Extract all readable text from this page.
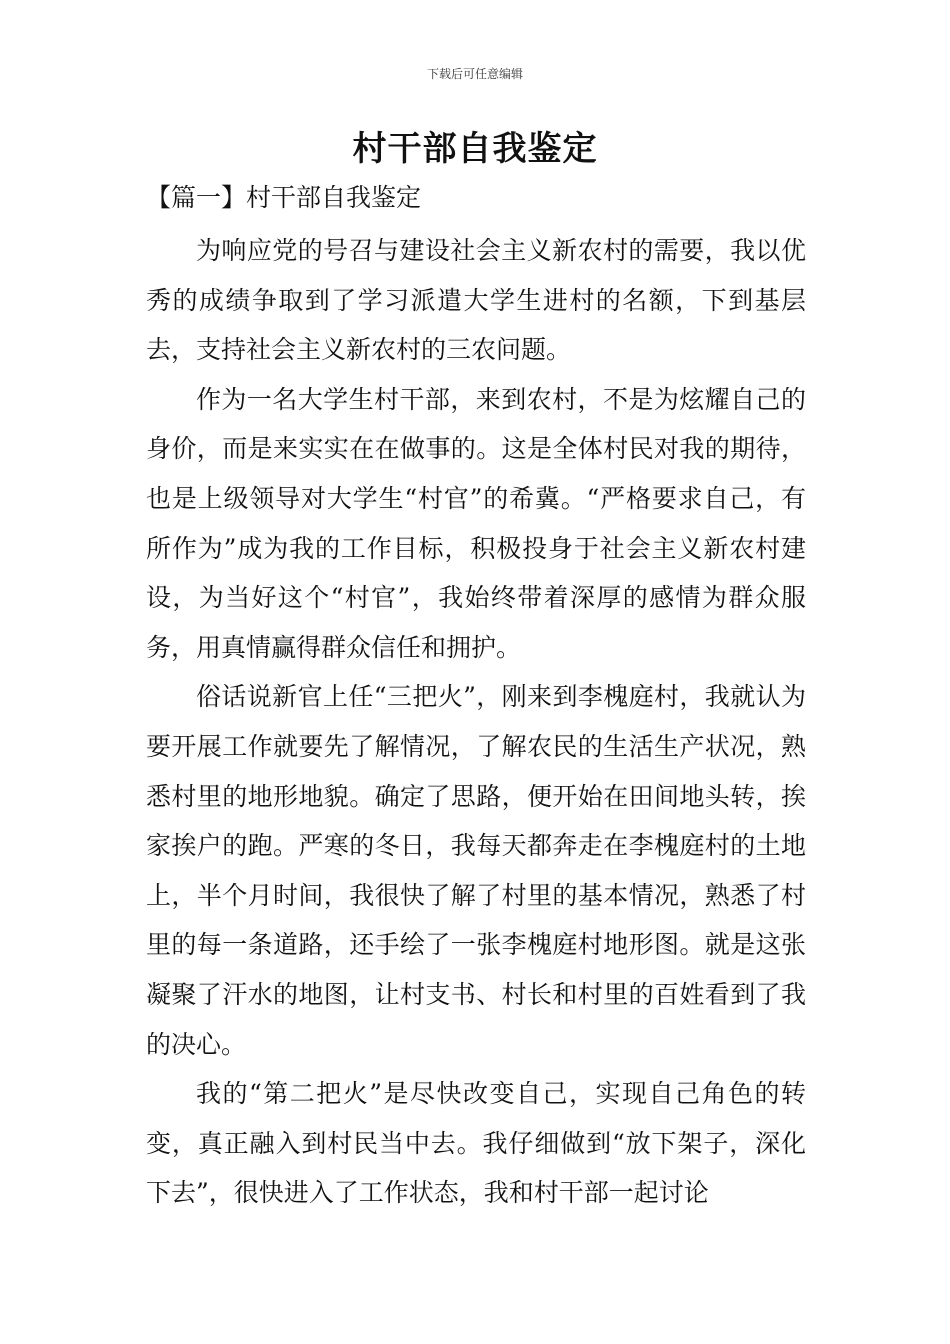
下载后可任意编辑
村干部自我鉴定
【篇一】村干部自我鉴定

为响应党的号召与建设社会主义新农村的需要，我以优秀的成绩争取到了学习派遣大学生进村的名额，下到基层去，支持社会主义新农村的三农问题。

作为一名大学生村干部，来到农村，不是为炫耀自己的身价，而是来实实在在做事的。这是全体村民对我的期待，也是上级领导对大学生“村官”的希冀。“严格要求自己，有所作为”成为我的工作目标，积极投身于社会主义新农村建设，为当好这个“村官”，我始终带着深厚的感情为群众服务，用真情赢得群众信任和拥护。

俗话说新官上任“三把火”，刚来到李槐庭村，我就认为要开展工作就要先了解情况，了解农民的生活生产状况，熟悉村里的地形地貌。确定了思路，便开始在田间地头转，挨家挨户的跑。严寒的冬日，我每天都奔走在李槐庭村的土地上，半个月时间，我很快了解了村里的基本情况，熟悉了村里的每一条道路，还手绘了一张李槐庭村地形图。就是这张凝聚了汗水的地图，让村支书、村长和村里的百姓看到了我的决心。

我的“第二把火”是尽快改变自己，实现自己角色的转变，真正融入到村民当中去。我仔细做到“放下架子，深化下去”，很快进入了工作状态，我和村干部一起讨论
